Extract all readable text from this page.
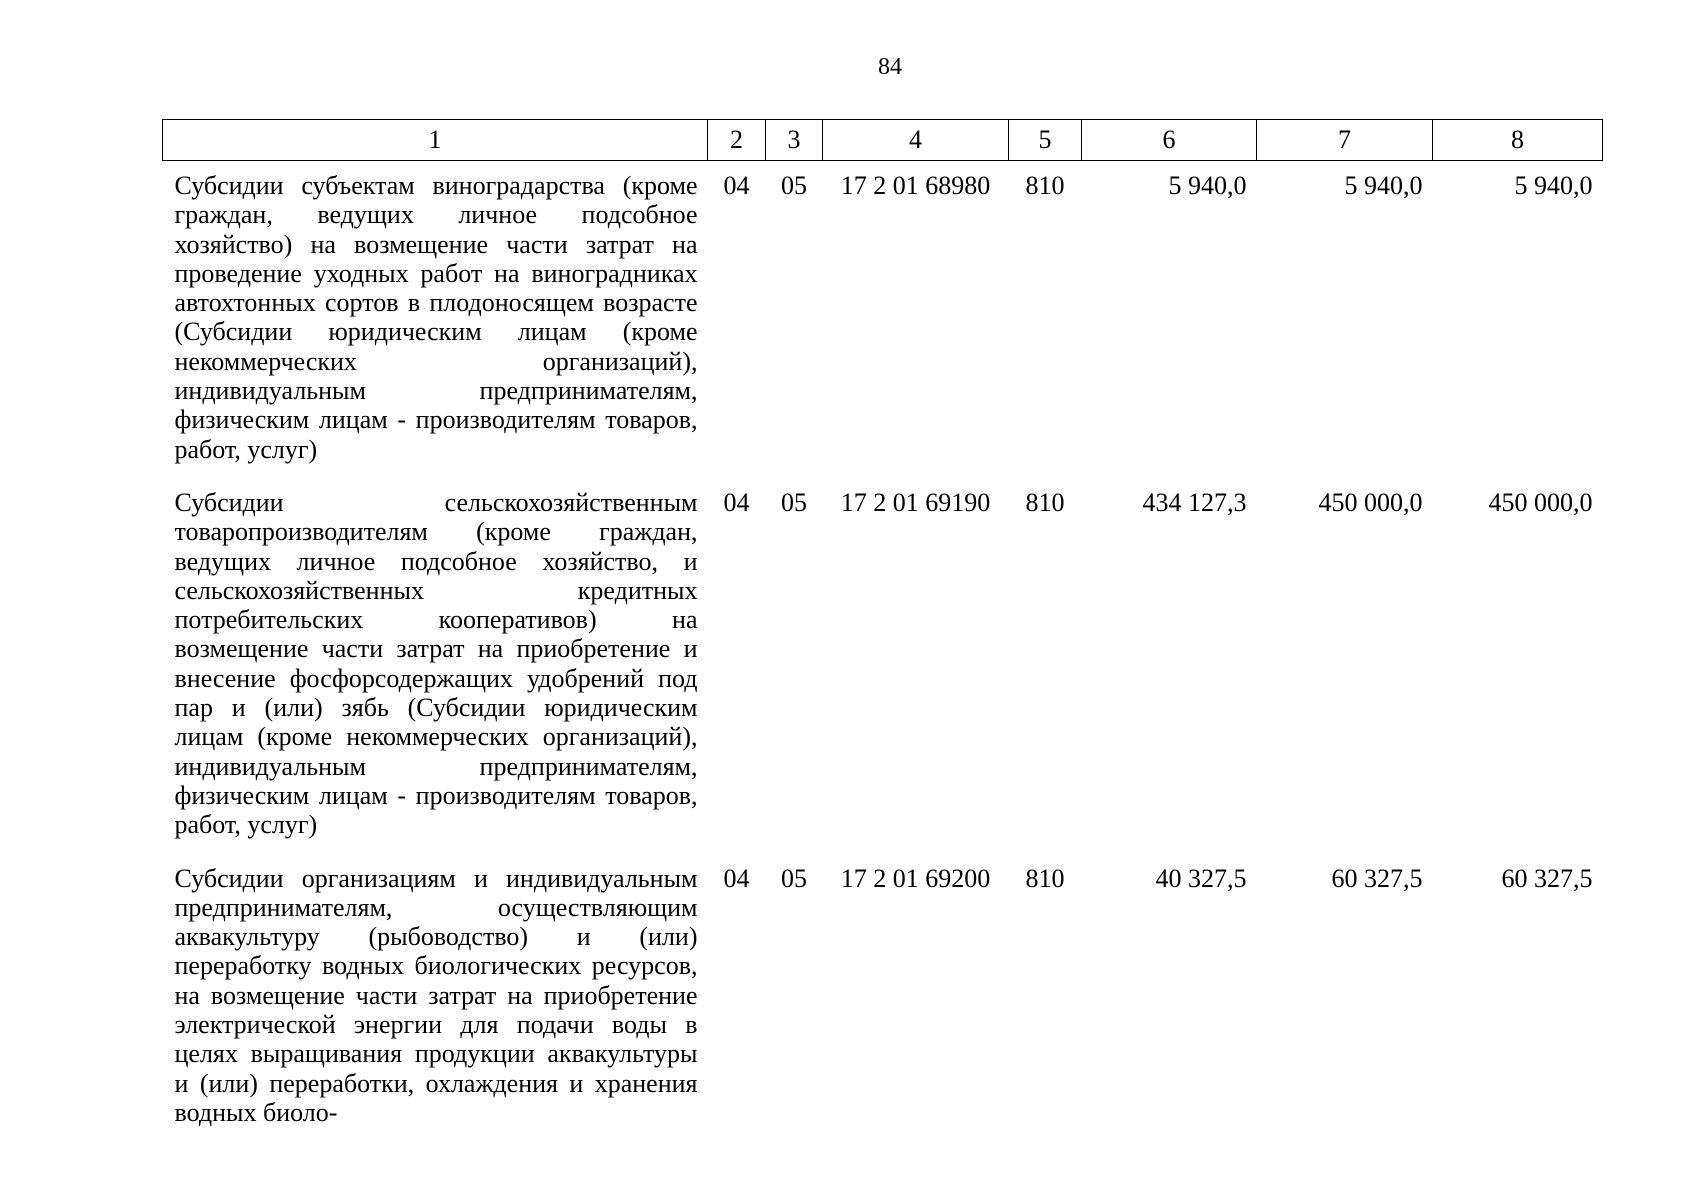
84
1	2	3	4	5	6	7	8
Субсидии субъектам виноградарства (кроме граждан, ведущих личное подсобное хозяйство) на возмещение части затрат на проведение уходных работ на виноградниках автохтонных сортов в плодоносящем возрасте (Субсидии юридическим лицам (кроме некоммерческих организаций), индивидуальным предпринимателям, физическим лицам - производителям товаров, работ, услуг)	04	05	17 2 01 68980	810	5 940,0	5 940,0	5 940,0
Субсидии сельскохозяйственным товаропроизводителям (кроме граждан, ведущих личное подсобное хозяйство, и сельскохозяйственных кредитных потребительских кооперативов) на возмещение части затрат на приобретение и внесение фосфорсодержащих удобрений под пар и (или) зябь (Субсидии юридическим лицам (кроме некоммерческих организаций), индивидуальным предпринимателям, физическим лицам - производителям товаров, работ, услуг)	04	05	17 2 01 69190	810	434 127,3	450 000,0	450 000,0
Субсидии организациям и индивидуальным предпринимателям, осуществляющим аквакультуру (рыбоводство) и (или) переработку водных биологических ресурсов, на возмещение части затрат на приобретение электрической энергии для подачи воды в целях выращивания продукции аквакультуры и (или) переработки, охлаждения и хранения водных биоло-	04	05	17 2 01 69200	810	40 327,5	60 327,5	60 327,5
